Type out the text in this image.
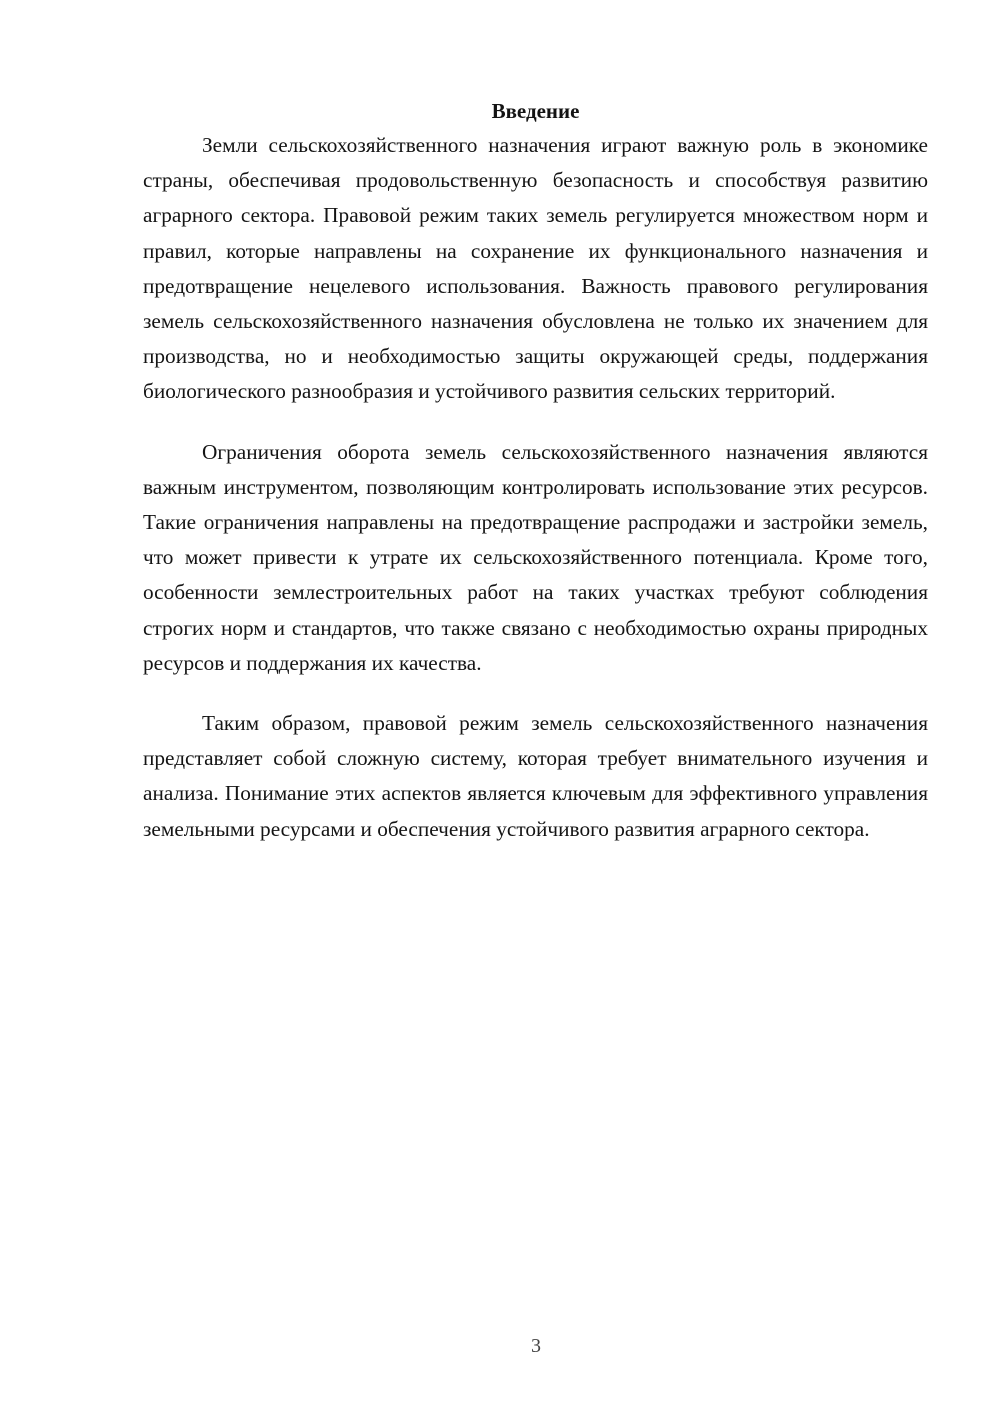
Введение

Земли сельскохозяйственного назначения играют важную роль в экономике страны, обеспечивая продовольственную безопасность и способствуя развитию аграрного сектора. Правовой режим таких земель регулируется множеством норм и правил, которые направлены на сохранение их функционального назначения и предотвращение нецелевого использования. Важность правового регулирования земель сельскохозяйственного назначения обусловлена не только их значением для производства, но и необходимостью защиты окружающей среды, поддержания биологического разнообразия и устойчивого развития сельских территорий.

Ограничения оборота земель сельскохозяйственного назначения являются важным инструментом, позволяющим контролировать использование этих ресурсов. Такие ограничения направлены на предотвращение распродажи и застройки земель, что может привести к утрате их сельскохозяйственного потенциала. Кроме того, особенности землестроительных работ на таких участках требуют соблюдения строгих норм и стандартов, что также связано с необходимостью охраны природных ресурсов и поддержания их качества.

Таким образом, правовой режим земель сельскохозяйственного назначения представляет собой сложную систему, которая требует внимательного изучения и анализа. Понимание этих аспектов является ключевым для эффективного управления земельными ресурсами и обеспечения устойчивого развития аграрного сектора.

3
